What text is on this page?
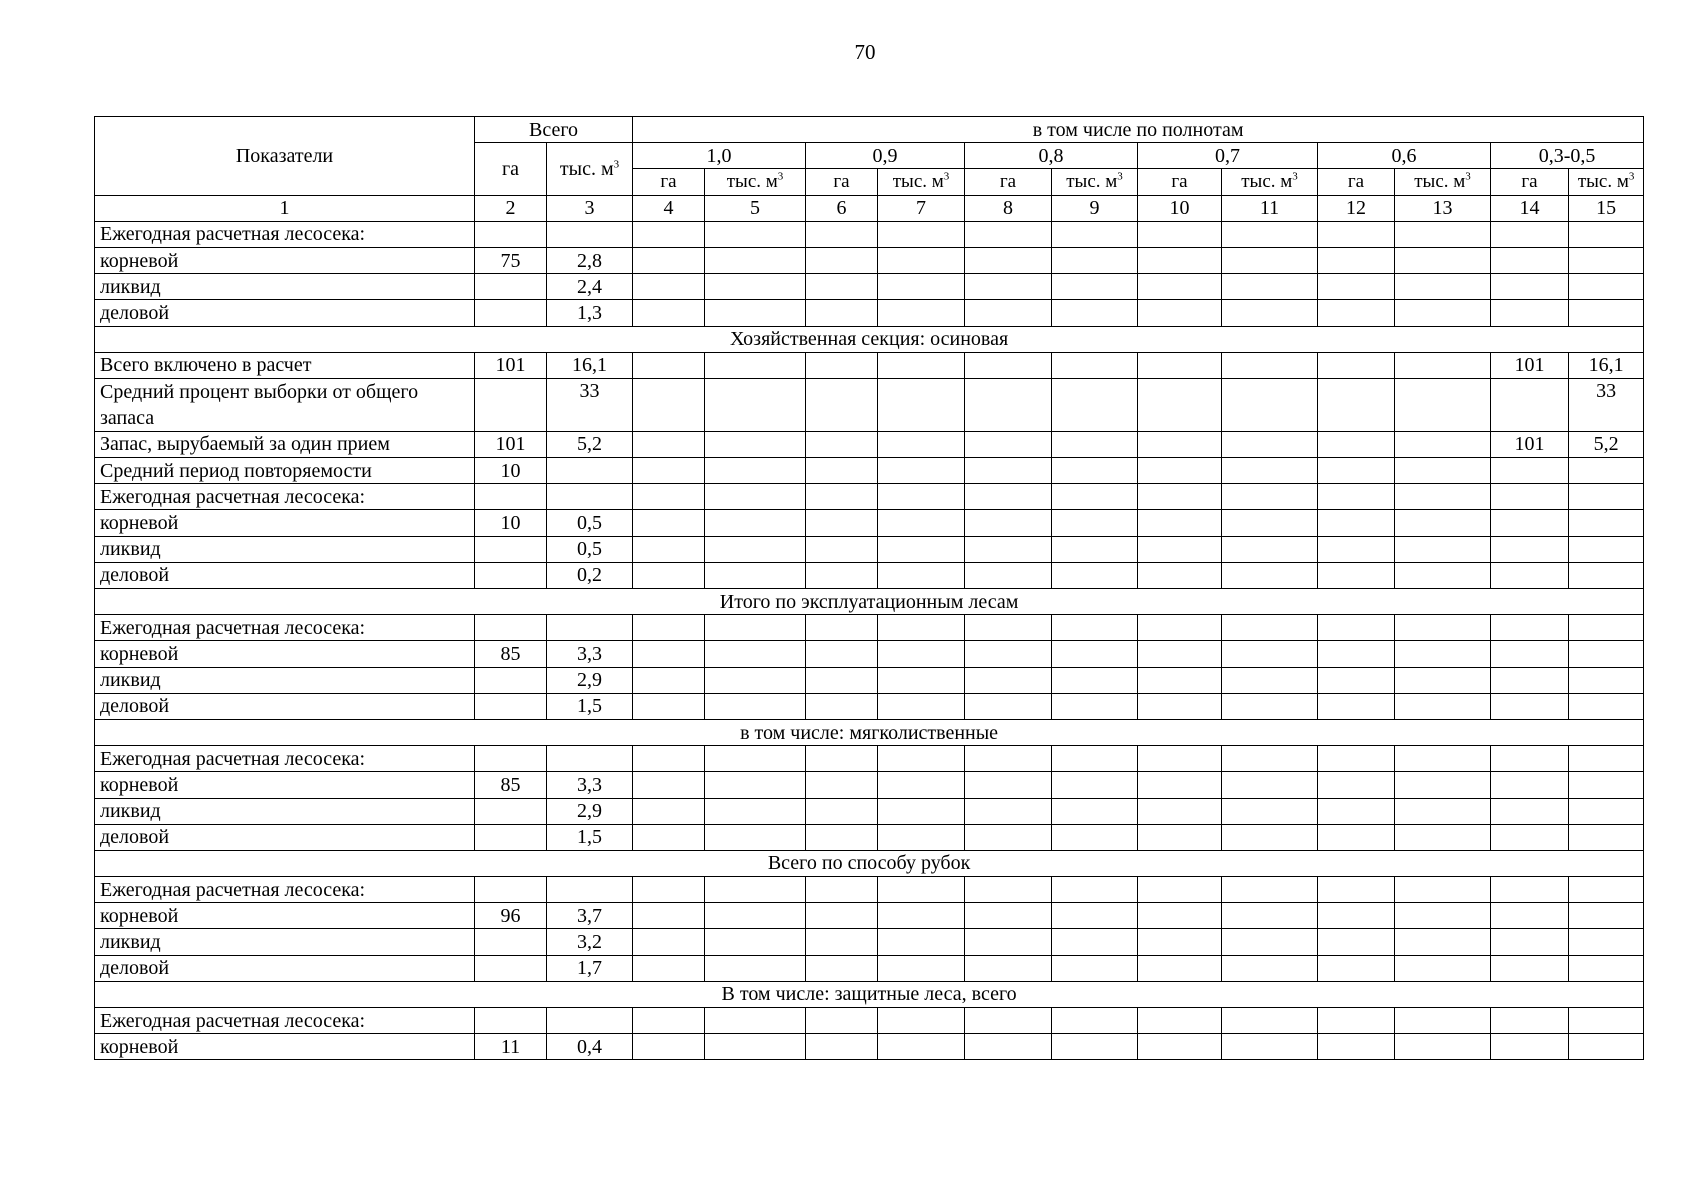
70
Показатели	Всего		в том числе по полнотам											
	га	тыс. $м^3$	1,0		0,9		0,8		0,7		0,6		0,3-0,5	
			га	тыс. $м^3$	га	тыс. $м^3$	га	тыс. $м^3$	га	тыс. $м^3$	га	тыс. $м^3$	га	тыс. $м^3$
1	2	3	4	5	6	7	8	9	10	11	12	13	14	15
Ежегодная расчетная лесосека:														
корневой	75	2,8												
ликвид		2,4												
деловой		1,3												
Хозяйственная секция: осиновая														
Всего включено в расчет	101	16,1											101	16,1
Средний процент выборки от общего запаса		33												33
Запас, вырубаемый за один прием	101	5,2											101	5,2
Средний период повторяемости	10													
Ежегодная расчетная лесосека:														
корневой	10	0,5												
ликвид		0,5												
деловой		0,2												
Итого по эксплуатационным лесам														
Ежегодная расчетная лесосека:														
корневой	85	3,3												
ликвид		2,9												
деловой		1,5												
в том числе: мягколиственные														
Ежегодная расчетная лесосека:														
корневой	85	3,3												
ликвид		2,9												
деловой		1,5												
Всего по способу рубок														
Ежегодная расчетная лесосека:														
корневой	96	3,7												
ликвид		3,2												
деловой		1,7												
В том числе: защитные леса, всего														
Ежегодная расчетная лесосека:														
корневой	11	0,4												
